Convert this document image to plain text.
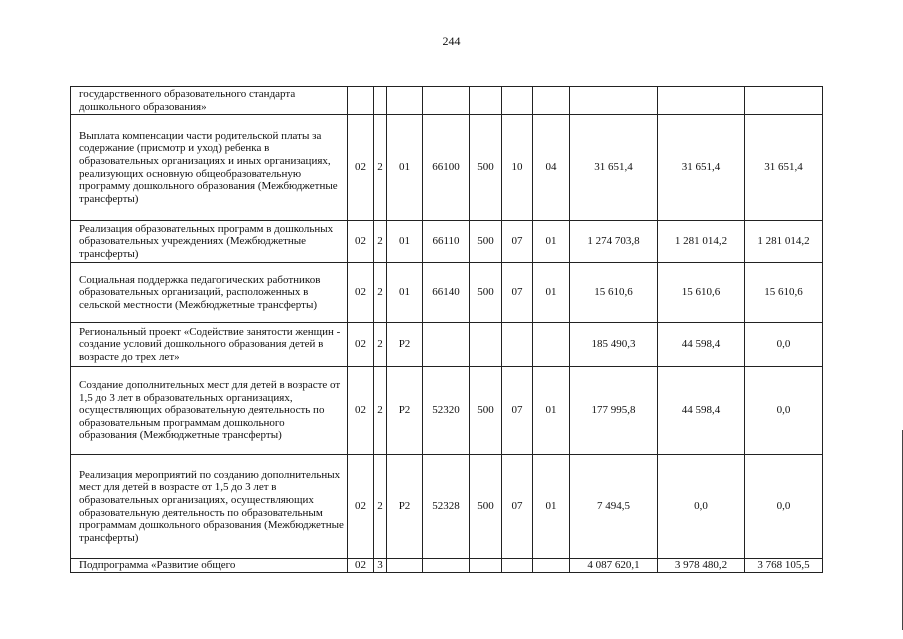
244
государственного образовательного стандарта дошкольного образования»										
Выплата компенсации части родительской платы за содержание (присмотр и уход) ребенка в образовательных организациях и иных организациях, реализующих основную общеобразовательную программу дошкольного образования (Межбюджетные трансферты)	02	2	01	66100	500	10	04	31 651,4	31 651,4	31 651,4
Реализация образовательных программ в дошкольных образовательных учреждениях (Межбюджетные трансферты)	02	2	01	66110	500	07	01	1 274 703,8	1 281 014,2	1 281 014,2
Социальная поддержка педагогических работников образовательных организаций, расположенных в сельской местности (Межбюджетные трансферты)	02	2	01	66140	500	07	01	15 610,6	15 610,6	15 610,6
Региональный проект «Содействие занятости женщин - создание условий дошкольного образования детей в возрасте до трех лет»	02	2	P2					185 490,3	44 598,4	0,0
Создание дополнительных мест для детей в возрасте от 1,5 до 3 лет в образовательных организациях, осуществляющих образовательную деятельность по образовательным программам дошкольного образования (Межбюджетные трансферты)	02	2	P2	52320	500	07	01	177 995,8	44 598,4	0,0
Реализация мероприятий по созданию дополнительных мест для детей в возрасте от 1,5 до 3 лет в образовательных организациях, осуществляющих образовательную деятельность по образовательным программам дошкольного образования (Межбюджетные трансферты)	02	2	P2	52328	500	07	01	7 494,5	0,0	0,0
Подпрограмма «Развитие общего	02	3						4 087 620,1	3 978 480,2	3 768 105,5
